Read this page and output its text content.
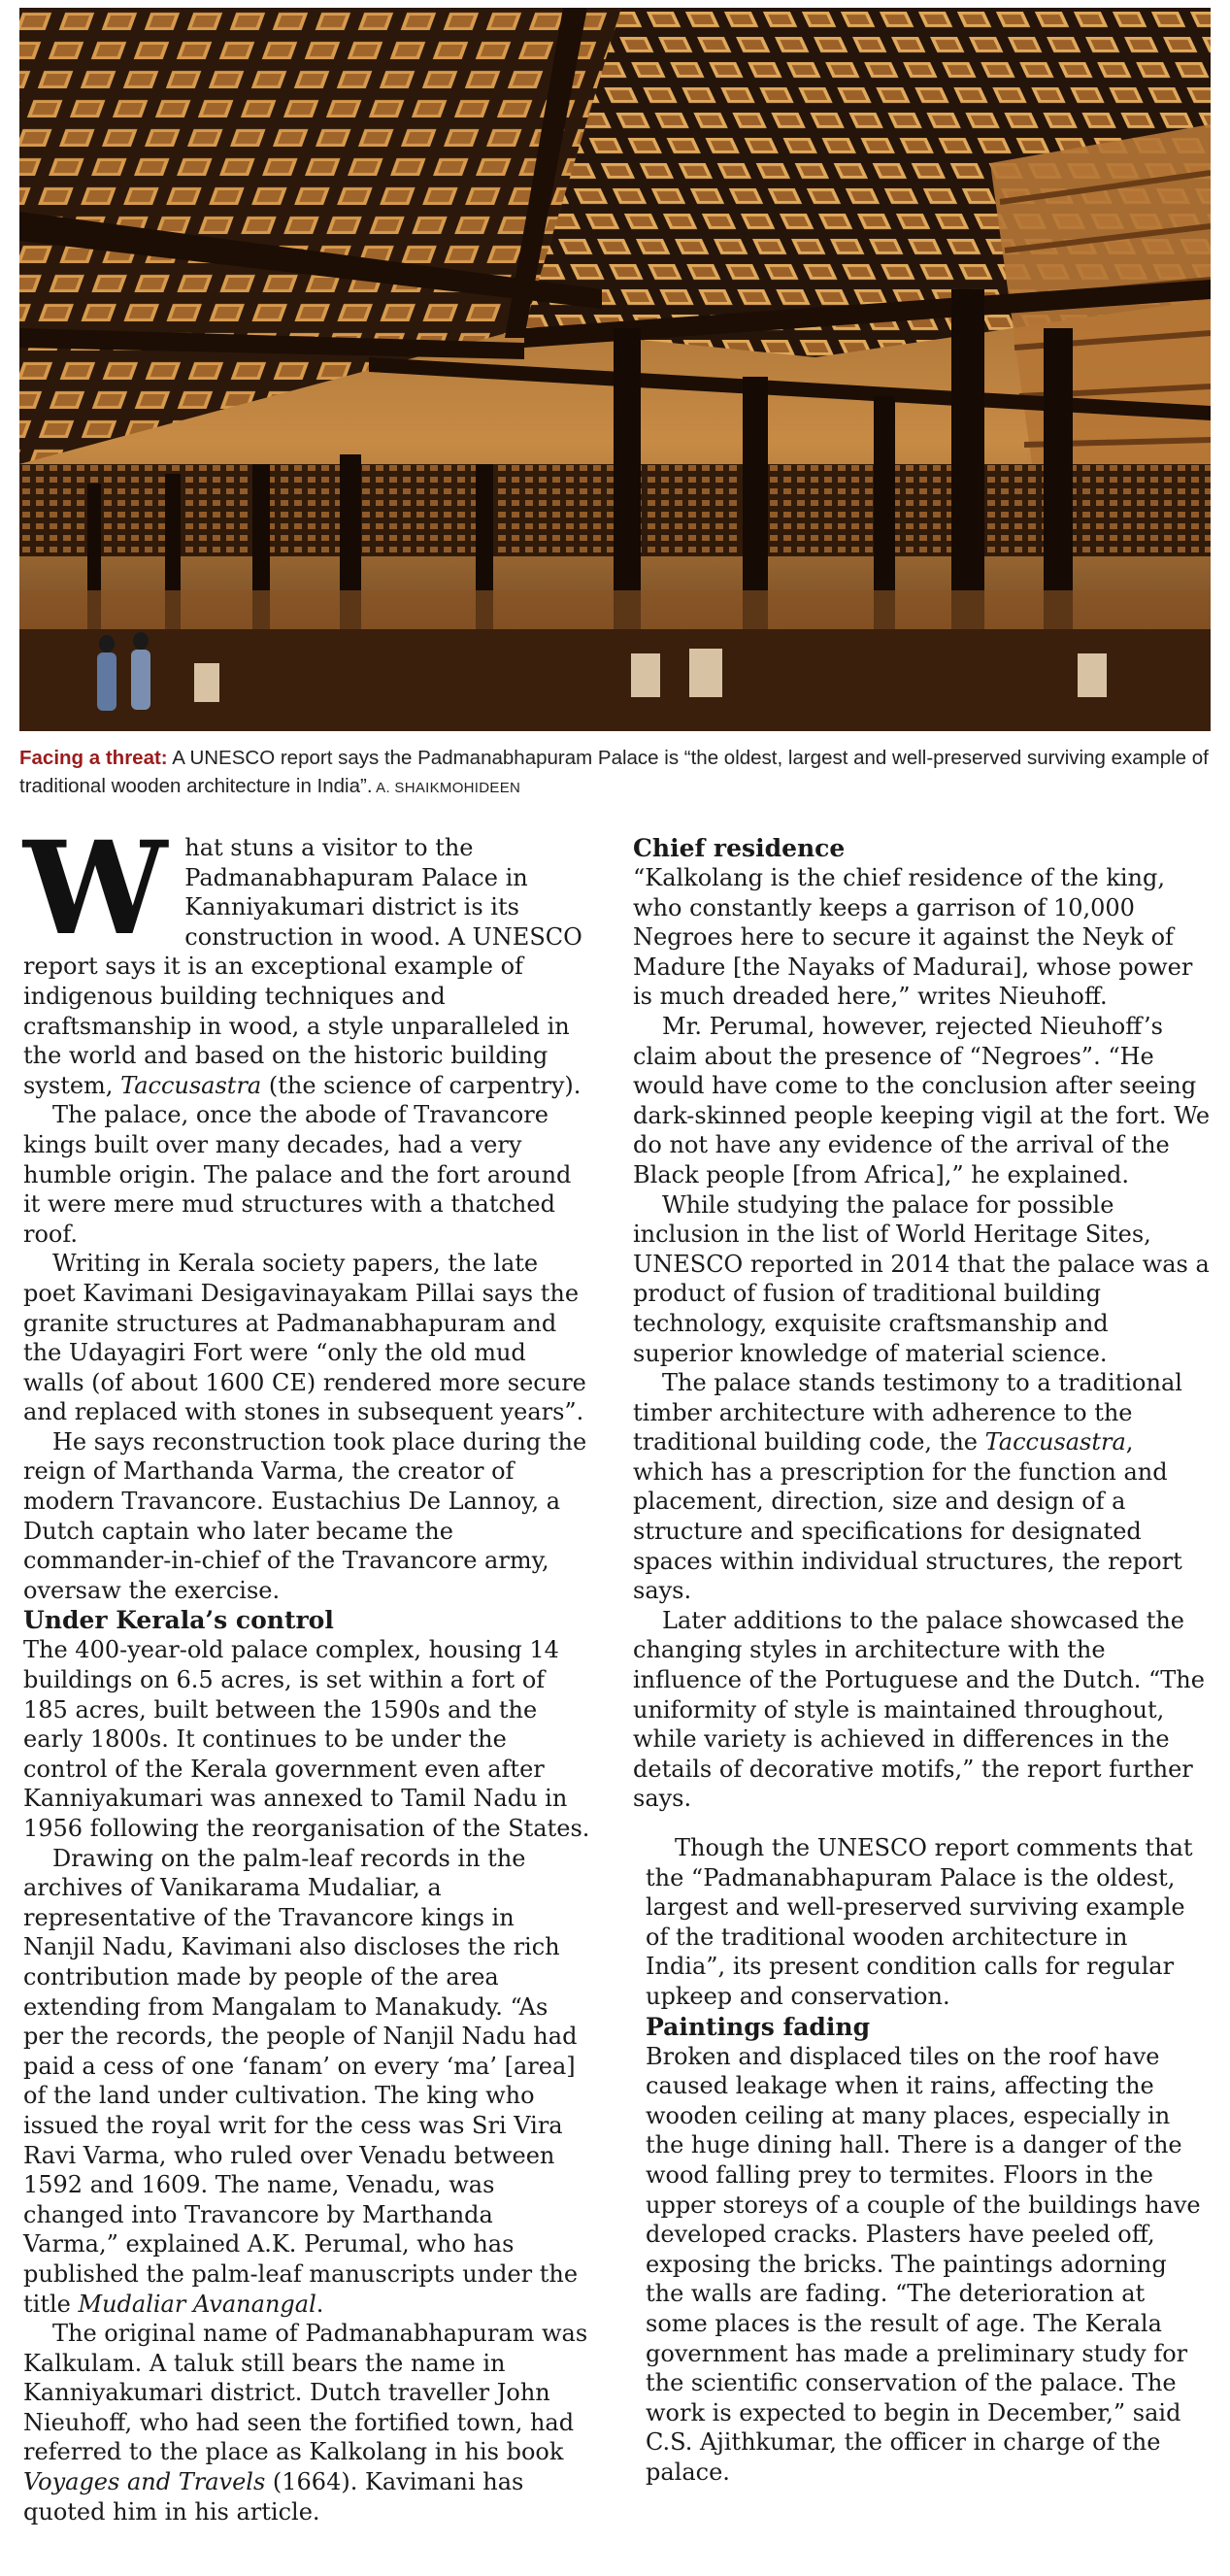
Facing a threat: A UNESCO report says the Padmanabhapuram Palace is “the oldest, largest and well-preserved surviving example of traditional wooden architecture in India”. A. SHAIKMOHIDEEN

What stuns a visitor to the Padmanabhapuram Palace in Kanniyakumari district is its construction in wood. A UNESCO report says it is an exceptional example of indigenous building techniques and craftsmanship in wood, a style unparalleled in the world and based on the historic building system, Taccusastra (the science of carpentry).

The palace, once the abode of Travancore kings built over many decades, had a very humble origin. The palace and the fort around it were mere mud structures with a thatched roof.

Writing in Kerala society papers, the late poet Kavimani Desigavinayakam Pillai says the granite structures at Padmanabhapuram and the Udayagiri Fort were “only the old mud walls (of about 1600 CE) rendered more secure and replaced with stones in subsequent years”.

He says reconstruction took place during the reign of Marthanda Varma, the creator of modern Travancore. Eustachius De Lannoy, a Dutch captain who later became the commander-in-chief of the Travancore army, oversaw the exercise.

Under Kerala’s control

The 400-year-old palace complex, housing 14 buildings on 6.5 acres, is set within a fort of 185 acres, built between the 1590s and the early 1800s. It continues to be under the control of the Kerala government even after Kanniyakumari was annexed to Tamil Nadu in 1956 following the reorganisation of the States.

Drawing on the palm-leaf records in the archives of Vanikarama Mudaliar, a representative of the Travancore kings in Nanjil Nadu, Kavimani also discloses the rich contribution made by people of the area extending from Mangalam to Manakudy. “As per the records, the people of Nanjil Nadu had paid a cess of one ‘fanam’ on every ‘ma’ [area] of the land under cultivation. The king who issued the royal writ for the cess was Sri Vira Ravi Varma, who ruled over Venadu between 1592 and 1609. The name, Venadu, was changed into Travancore by Marthanda Varma,” explained A.K. Perumal, who has published the palm-leaf manuscripts under the title Mudaliar Avanangal.

The original name of Padmanabhapuram was Kalkulam. A taluk still bears the name in Kanniyakumari district. Dutch traveller John Nieuhoff, who had seen the fortified town, had referred to the place as Kalkolang in his book Voyages and Travels (1664). Kavimani has quoted him in his article.

Chief residence

“Kalkolang is the chief residence of the king, who constantly keeps a garrison of 10,000 Negroes here to secure it against the Neyk of Madure [the Nayaks of Madurai], whose power is much dreaded here,” writes Nieuhoff.

Mr. Perumal, however, rejected Nieuhoff’s claim about the presence of “Negroes”. “He would have come to the conclusion after seeing dark-skinned people keeping vigil at the fort. We do not have any evidence of the arrival of the Black people [from Africa],” he explained.

While studying the palace for possible inclusion in the list of World Heritage Sites, UNESCO reported in 2014 that the palace was a product of fusion of traditional building technology, exquisite craftsmanship and superior knowledge of material science.

The palace stands testimony to a traditional timber architecture with adherence to the traditional building code, the Taccusastra, which has a prescription for the function and placement, direction, size and design of a structure and specifications for designated spaces within individual structures, the report says.

Later additions to the palace showcased the changing styles in architecture with the influence of the Portuguese and the Dutch. “The uniformity of style is maintained throughout, while variety is achieved in differences in the details of decorative motifs,” the report further says.

Though the UNESCO report comments that the “Padmanabhapuram Palace is the oldest, largest and well-preserved surviving example of the traditional wooden architecture in India”, its present condition calls for regular upkeep and conservation.

Paintings fading

Broken and displaced tiles on the roof have caused leakage when it rains, affecting the wooden ceiling at many places, especially in the huge dining hall. There is a danger of the wood falling prey to termites. Floors in the upper storeys of a couple of the buildings have developed cracks. Plasters have peeled off, exposing the bricks. The paintings adorning the walls are fading. “The deterioration at some places is the result of age. The Kerala government has made a preliminary study for the scientific conservation of the palace. The work is expected to begin in December,” said C.S. Ajithkumar, the officer in charge of the palace.
